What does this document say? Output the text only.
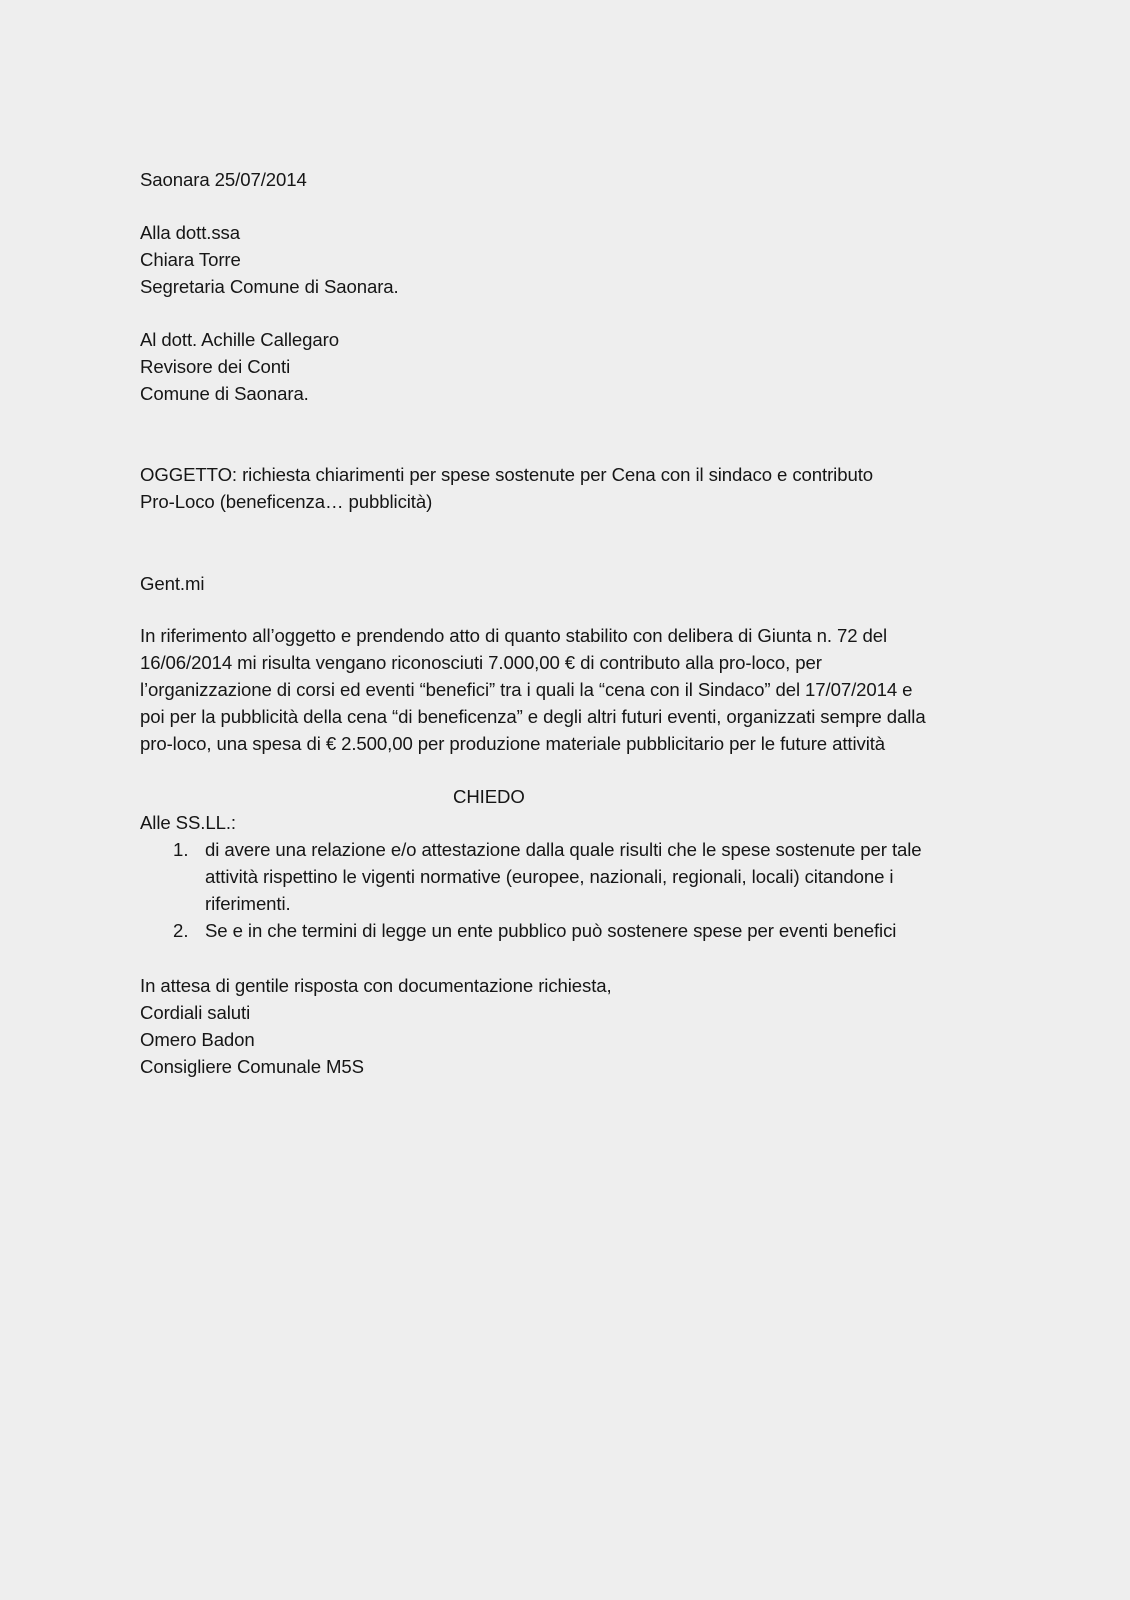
Saonara 25/07/2014
Alla dott.ssa
Chiara Torre
Segretaria Comune di Saonara.
Al dott. Achille Callegaro
Revisore dei Conti
Comune di Saonara.
OGGETTO: richiesta chiarimenti per spese sostenute per Cena con il sindaco e contributo
Pro-Loco (beneficenza… pubblicità)
Gent.mi
In riferimento all’oggetto e prendendo atto di quanto stabilito con delibera di Giunta n. 72 del
16/06/2014 mi risulta vengano riconosciuti 7.000,00 € di contributo alla pro-loco, per
l’organizzazione di corsi ed eventi “benefici” tra i quali la “cena con il Sindaco” del 17/07/2014 e
poi per la pubblicità della cena “di beneficenza” e degli altri futuri eventi, organizzati sempre dalla
pro-loco, una spesa di € 2.500,00 per produzione materiale pubblicitario per le future attività
CHIEDO
Alle SS.LL.:
1. di avere una relazione e/o attestazione dalla quale risulti che le spese sostenute per tale
attività rispettino le vigenti normative (europee, nazionali, regionali, locali) citandone i
riferimenti.
2. Se e in che termini di legge un ente pubblico può sostenere spese per eventi benefici
In attesa di gentile risposta con documentazione richiesta,
Cordiali saluti
Omero Badon
Consigliere Comunale M5S
